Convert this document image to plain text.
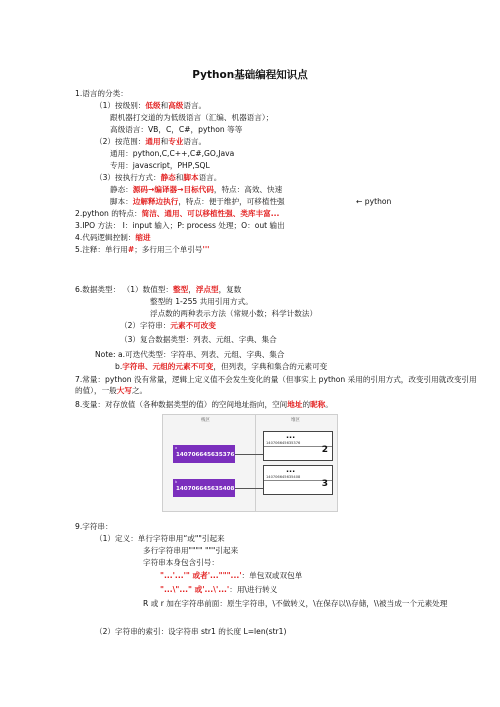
Python基础编程知识点
1.语言的分类：
（1）按级别：低级和高级语言。
跟机器打交道的为低级语言（汇编、机器语言）；
高级语言：VB，C，C#，python 等等
（2）按范围：通用和专业语言。
通用：python,C,C++,C#,GO,Java
专用：javascript，PHP,SQL
（3）按执行方式：静态和脚本语言。
静态：源码→编译器→目标代码，特点：高效、快速
脚本：边解释边执行，特点：便于维护，可移植性强	← python
2.python 的特点：简洁、通用、可以移植性强、类库丰富...
3.IPO 方法： I：input 输入；P: process 处理；O：out 输出
4.代码逻辑控制：缩进
5.注释：单行用#；多行用三个单引号'''
6.数据类型： （1）数值型：整型，浮点型，复数
整型的 1-255 共用引用方式。
浮点数的两种表示方法（常规小数；科学计数法）
（2）字符串：元素不可改变
（3）复合数据类型：列表、元组、字典、集合
Note: a.可迭代类型：字符串、列表、元组、字典、集合
b.字符串、元组的元素不可变，但列表，字典和集合的元素可变
7.常量：python 没有常量，逻辑上定义值不会发生变化的量（但事实上 python 采用的引用方式，改变引用就改变引用的值），一般大写之。
8.变量：对存放值（各种数据类型的值）的空间地址指向，空间地址的昵称。
栈区	堆区
a
140706645635376
b
140706645635408
...
140706645635376
2
...
140706645635408
3
9.字符串：
（1）定义：单行字符串用“或""引起来
多行字符串用"""" """引起来
字符串本身包含引号：
"...'...'" 或者'..."""...'：单包双或双包单
"...\"..." 或'...\'...'：用\进行转义
R 或 r 加在字符串前面：原生字符串，\不做转义，\在保存以\\存储，\\被当成一个元素处理
（2）字符串的索引：设字符串 str1 的长度 L=len(str1)
